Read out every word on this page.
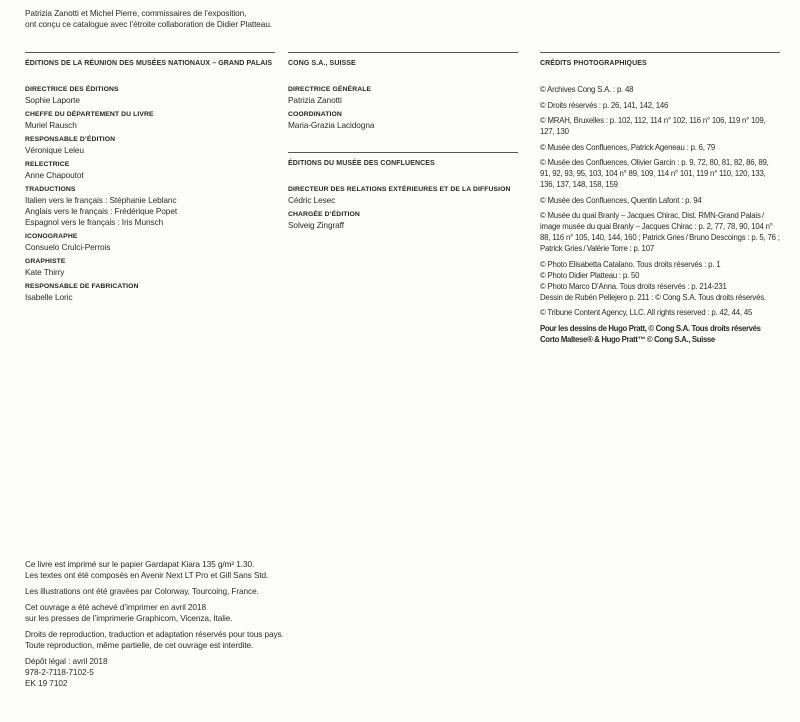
Patrizia Zanotti et Michel Pierre, commissaires de l’exposition,
ont conçu ce catalogue avec l’étroite collaboration de Didier Platteau.
ÉDITIONS DE LA RÉUNION DES MUSÉES NATIONAUX – GRAND PALAIS
DIRECTRICE DES ÉDITIONS
Sophie Laporte
CHEFFE DU DÉPARTEMENT DU LIVRE
Muriel Rausch
RESPONSABLE D’ÉDITION
Véronique Leleu
RELECTRICE
Anne Chapoutot
TRADUCTIONS
Italien vers le français : Stéphanie Leblanc
Anglais vers le français : Frédérique Popet
Espagnol vers le français : Iris Munsch
ICONOGRAPHE
Consuelo Crulci-Perrois
GRAPHISTE
Kate Thirry
RESPONSABLE DE FABRICATION
Isabelle Loric
CONG S.A., SUISSE
DIRECTRICE GÉNÉRALE
Patrizia Zanotti
COORDINATION
Maria-Grazia Lacidogna
ÉDITIONS DU MUSÉE DES CONFLUENCES
DIRECTEUR DES RELATIONS EXTÉRIEURES ET DE LA DIFFUSION
Cédric Lesec
CHARGÉE D’ÉDITION
Solveig Zingraff
CRÉDITS PHOTOGRAPHIQUES
© Archives Cong S.A. : p. 48
© Droits réservés : p. 26, 141, 142, 146
© MRAH, Bruxelles : p. 102, 112, 114 n° 102, 116 n° 106, 119 n° 109, 127, 130
© Musée des Confluences, Patrick Ageneau : p. 6, 79
© Musée des Confluences, Olivier Garcin : p. 9, 72, 80, 81, 82, 86, 89, 91, 92, 93, 95, 103, 104 n° 89, 109, 114 n° 101, 119 n° 110, 120, 133, 136, 137, 148, 158, 159
© Musée des Confluences, Quentin Lafont : p. 94
© Musée du quai Branly – Jacques Chirac, Dist. RMN-Grand Palais / image musée du quai Branly – Jacques Chirac : p. 2, 77, 78, 90, 104 n° 88, 116 n° 105, 140, 144, 160 ; Patrick Gries / Bruno Descoings : p. 5, 76 ; Patrick Gries / Valérie Torre : p. 107
© Photo Elisabetta Catalano. Tous droits réservés : p. 1
© Photo Didier Platteau : p. 50
© Photo Marco D’Anna. Tous droits réservés : p. 214-231
Dessin de Rubén Pellejero p. 211 : © Cong S.A. Tous droits réservés.
© Tribune Content Agency, LLC. All rights reserved : p. 42, 44, 45
Pour les dessins de Hugo Pratt, © Cong S.A. Tous droits réservés
Corto Maltese® & Hugo Pratt™ © Cong S.A., Suisse
Ce livre est imprimé sur le papier Gardapat Kiara 135 g/m² 1.30.
Les textes ont été composés en Avenir Next LT Pro et Gill Sans Std.
Les illustrations ont été gravées par Colorway, Tourcoing, France.
Cet ouvrage a été achevé d’imprimer en avril 2018
sur les presses de l’imprimerie Graphicom, Vicenza, Italie.
Droits de reproduction, traduction et adaptation réservés pour tous pays.
Toute reproduction, même partielle, de cet ouvrage est interdite.
Dépôt légal : avril 2018
978-2-7118-7102-5
EK 19 7102
